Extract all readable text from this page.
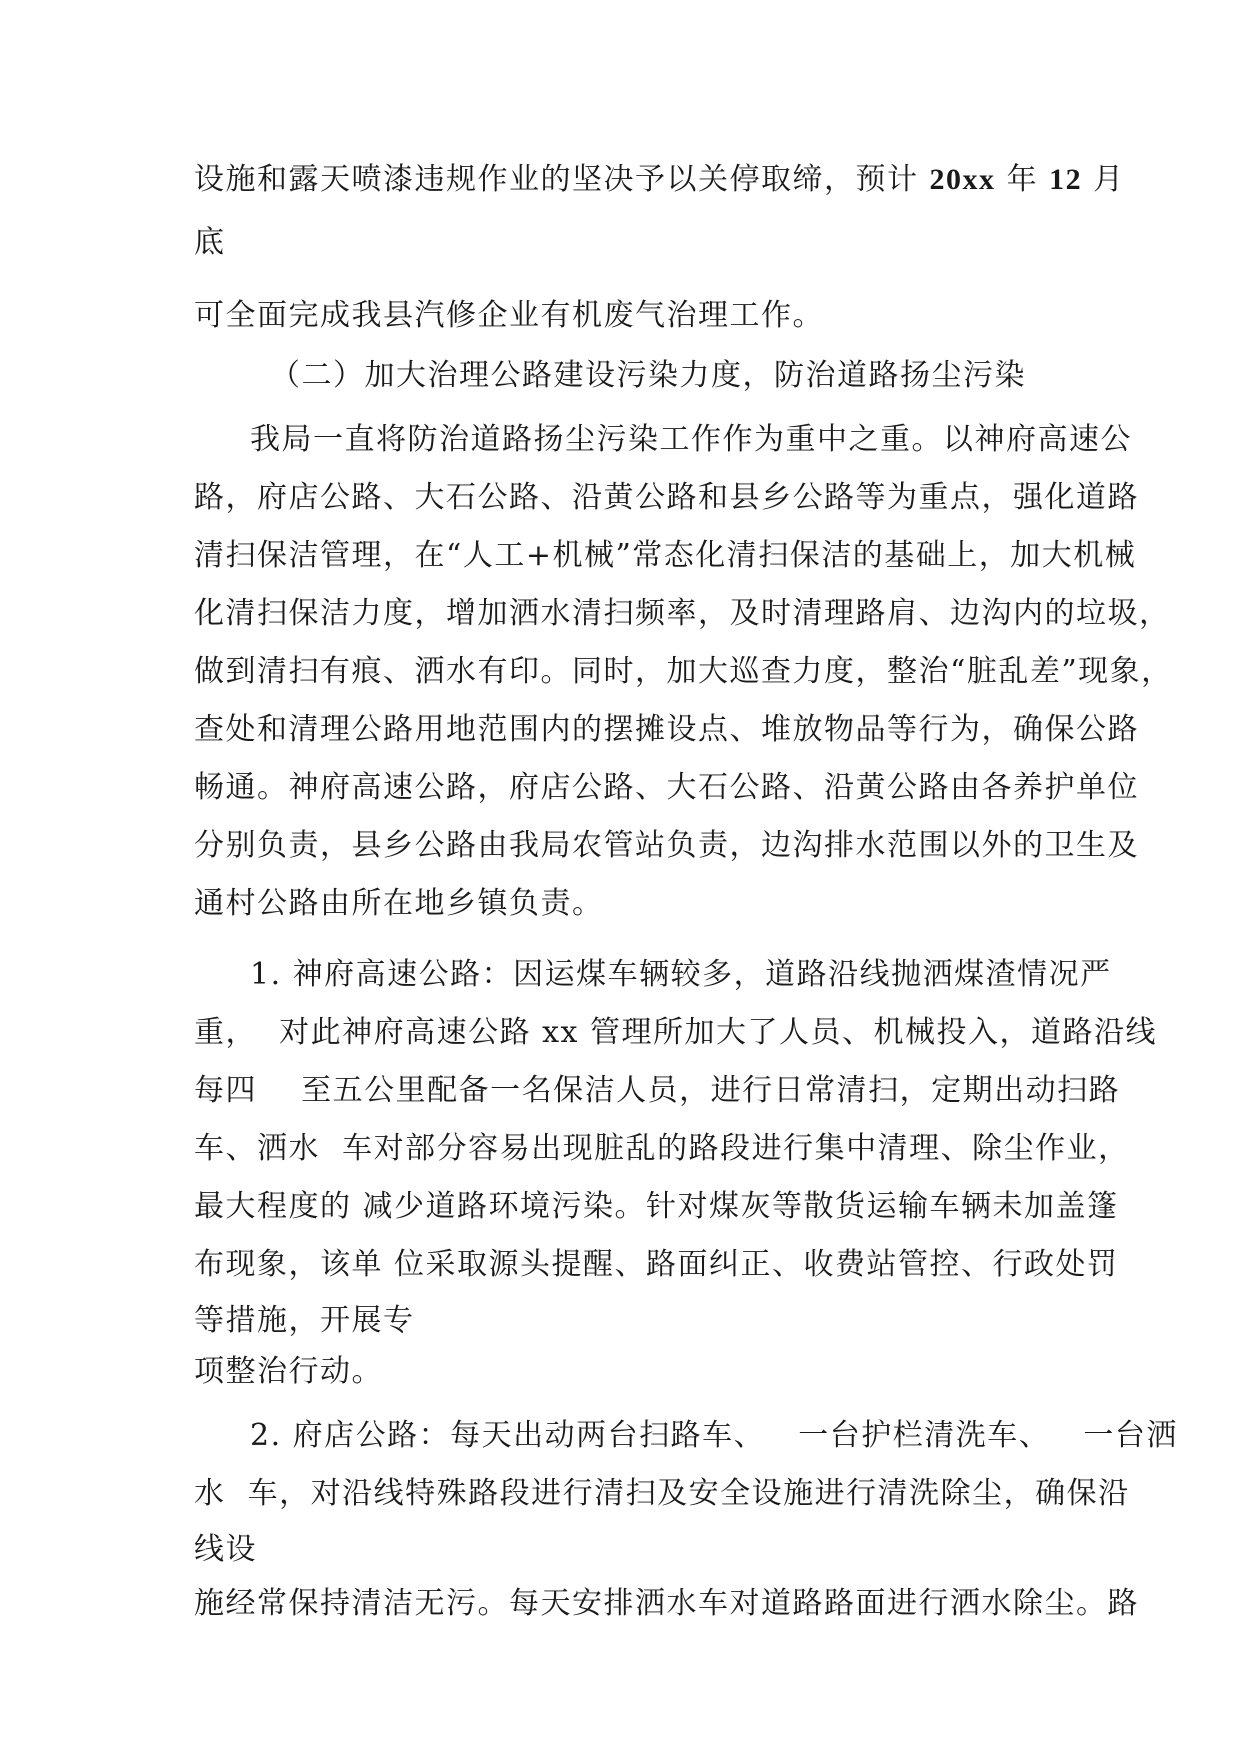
设施和露天喷漆违规作业的坚决予以关停取缔，预计 20xx 年 12 月
底
可全面完成我县汽修企业有机废气治理工作。
（二）加大治理公路建设污染力度，防治道路扬尘污染
我局一直将防治道路扬尘污染工作作为重中之重。以神府高速公
路，府店公路、大石公路、沿黄公路和县乡公路等为重点，强化道路
清扫保洁管理，在“人工+机械”常态化清扫保洁的基础上，加大机械
化清扫保洁力度，增加洒水清扫频率，及时清理路肩、边沟内的垃圾，
做到清扫有痕、洒水有印。同时，加大巡查力度，整治“脏乱差”现象，
查处和清理公路用地范围内的摆摊设点、堆放物品等行为，确保公路
畅通。神府高速公路，府店公路、大石公路、沿黄公路由各养护单位
分别负责，县乡公路由我局农管站负责，边沟排水范围以外的卫生及
通村公路由所在地乡镇负责。
1. 神府高速公路：因运煤车辆较多，道路沿线抛洒煤渣情况严
重，  对此神府高速公路 xx 管理所加大了人员、机械投入，道路沿线
每四    至五公里配备一名保洁人员，进行日常清扫，定期出动扫路
车、洒水  车对部分容易出现脏乱的路段进行集中清理、除尘作业，
最大程度的 减少道路环境污染。针对煤灰等散货运输车辆未加盖篷
布现象，该单 位采取源头提醒、路面纠正、收费站管控、行政处罚
等措施，开展专
项整治行动。
2. 府店公路：每天出动两台扫路车、   一台护栏清洗车、   一台洒
水  车，对沿线特殊路段进行清扫及安全设施进行清洗除尘，确保沿
线设
施经常保持清洁无污。每天安排洒水车对道路路面进行洒水除尘。路
